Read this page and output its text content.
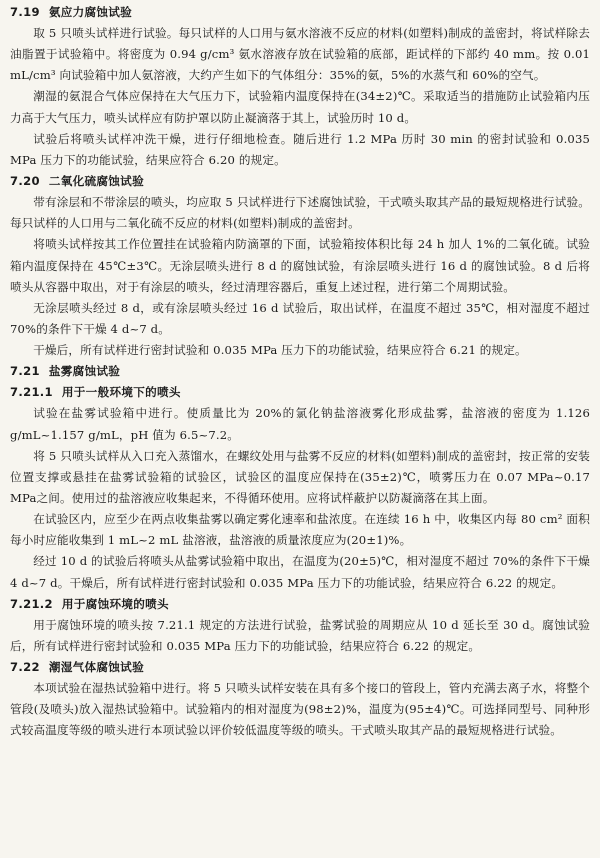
7.19 氨应力腐蚀试验

取 5 只喷头试样进行试验。每只试样的人口用与氨水溶液不反应的材料(如塑料)制成的盖密封，将试样除去油脂置于试验箱中。将密度为 0.94 g/cm³ 氨水溶液存放在试验箱的底部，距试样的下部约 40 mm。按 0.01 mL/cm³ 向试验箱中加人氨溶液，大约产生如下的气体组分：35%的氨，5%的水蒸气和 60%的空气。

潮湿的氨混合气体应保持在大气压力下，试验箱内温度保持在(34±2)℃。采取适当的措施防止试验箱内压力高于大气压力，喷头试样应有防护罩以防止凝滴落于其上，试验历时 10 d。

试验后将喷头试样冲洗干燥，进行仔细地检查。随后进行 1.2 MPa 历时 30 min 的密封试验和 0.035 MPa 压力下的功能试验，结果应符合 6.20 的规定。

7.20 二氧化硫腐蚀试验

带有涂层和不带涂层的喷头，均应取 5 只试样进行下述腐蚀试验，干式喷头取其产品的最短规格进行试验。每只试样的人口用与二氧化硫不反应的材料(如塑料)制成的盖密封。

将喷头试样按其工作位置挂在试验箱内防滴罩的下面，试验箱按体积比每 24 h 加人 1%的二氧化硫。试验箱内温度保持在 45℃±3℃。无涂层喷头进行 8 d 的腐蚀试验，有涂层喷头进行 16 d 的腐蚀试验。8 d 后将喷头从容器中取出，对于有涂层的喷头，经过清理容器后，重复上述过程，进行第二个周期试验。

无涂层喷头经过 8 d，或有涂层喷头经过 16 d 试验后，取出试样，在温度不超过 35℃，相对湿度不超过 70%的条件下干燥 4 d~7 d。

干燥后，所有试样进行密封试验和 0.035 MPa 压力下的功能试验，结果应符合 6.21 的规定。

7.21 盐雾腐蚀试验
7.21.1 用于一般环境下的喷头

试验在盐雾试验箱中进行。使质量比为 20%的氯化钠盐溶液雾化形成盐雾，盐溶液的密度为 1.126 g/mL~1.157 g/mL，pH 值为 6.5~7.2。

将 5 只喷头试样从入口充入蒸馏水，在螺纹处用与盐雾不反应的材料(如塑料)制成的盖密封，按正常的安装位置支撑或悬挂在盐雾试验箱的试验区，试验区的温度应保持在(35±2)℃，喷雾压力在 0.07 MPa~0.17 MPa之间。使用过的盐溶液应收集起来，不得循环使用。应将试样蔽护以防凝滴落在其上面。

在试验区内，应至少在两点收集盐雾以确定雾化速率和盐浓度。在连续 16 h 中，收集区内每 80 cm² 面积每小时应能收集到 1 mL~2 mL 盐溶液，盐溶液的质量浓度应为(20±1)%。

经过 10 d 的试验后将喷头从盐雾试验箱中取出，在温度为(20±5)℃，相对湿度不超过 70%的条件下干燥 4 d~7 d。干燥后，所有试样进行密封试验和 0.035 MPa 压力下的功能试验，结果应符合 6.22 的规定。

7.21.2 用于腐蚀环境的喷头

用于腐蚀环境的喷头按 7.21.1 规定的方法进行试验，盐雾试验的周期应从 10 d 延长至 30 d。腐蚀试验后，所有试样进行密封试验和 0.035 MPa 压力下的功能试验，结果应符合 6.22 的规定。

7.22 潮湿气体腐蚀试验

本项试验在湿热试验箱中进行。将 5 只喷头试样安装在具有多个接口的管段上，管内充满去离子水，将整个管段(及喷头)放入湿热试验箱中。试验箱内的相对湿度为(98±2)%，温度为(95±4)℃。可选择同型号、同种形式较高温度等级的喷头进行本项试验以评价较低温度等级的喷头。干式喷头取其产品的最短规格进行试验。
